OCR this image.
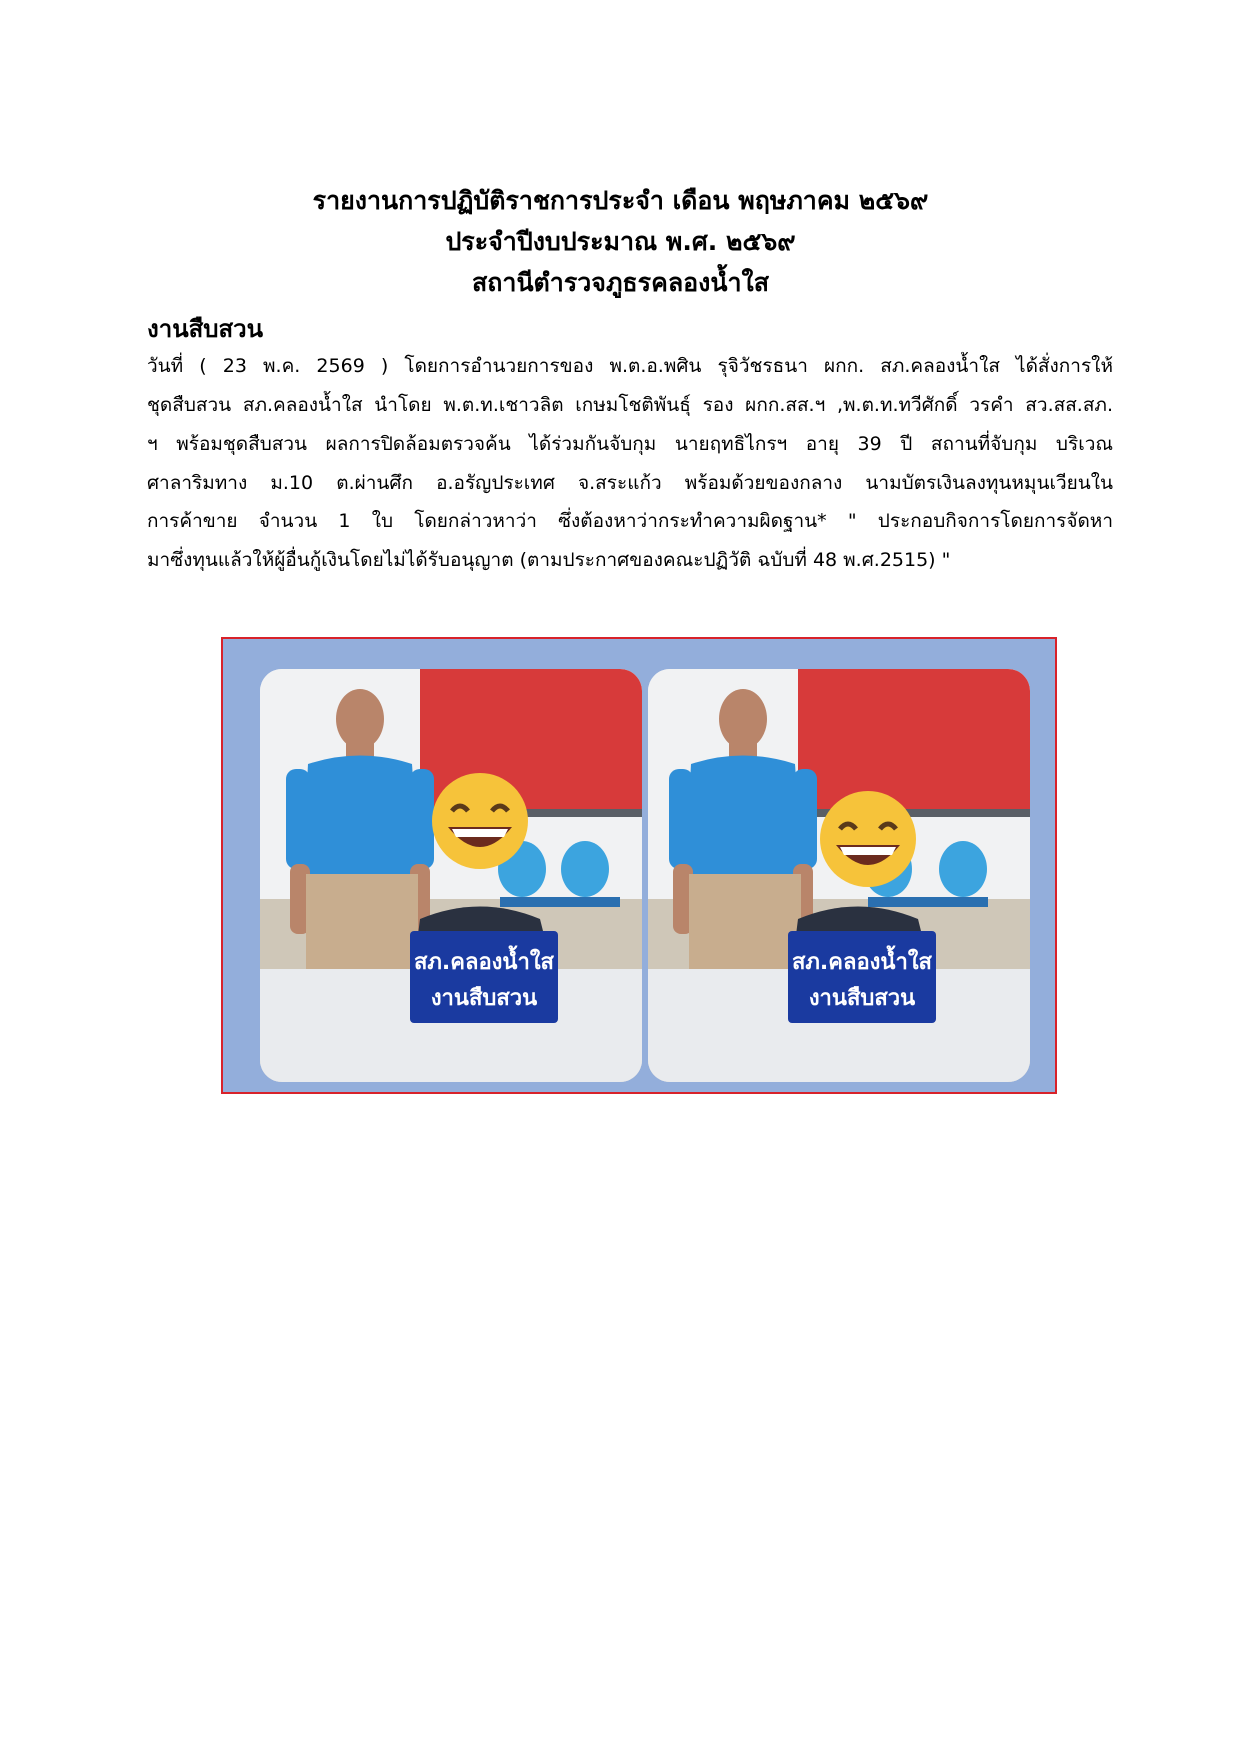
รายงานการปฏิบัติราชการประจำ เดือน พฤษภาคม ๒๕๖๙
ประจำปีงบประมาณ พ.ศ. ๒๕๖๙
สถานีตำรวจภูธรคลองน้ำใส
งานสืบสวน
วันที่ ( 23 พ.ค. 2569 ) โดยการอำนวยการของ พ.ต.อ.พศิน รุจิวัชรธนา ผกก. สภ.คลองน้ำใส ได้สั่งการให้
ชุดสืบสวน สภ.คลองน้ำใส นำโดย พ.ต.ท.เชาวลิต เกษมโชติพันธุ์ รอง ผกก.สส.ฯ ,พ.ต.ท.ทวีศักดิ์ วรคำ สว.สส.สภ.
ฯ พร้อมชุดสืบสวน ผลการปิดล้อมตรวจค้น ได้ร่วมกันจับกุม นายฤทธิไกรฯ อายุ 39 ปี สถานที่จับกุม บริเวณ
ศาลาริมทาง ม.10 ต.ผ่านศึก อ.อรัญประเทศ จ.สระแก้ว พร้อมด้วยของกลาง นามบัตรเงินลงทุนหมุนเวียนใน
การค้าขาย จำนวน 1 ใบ โดยกล่าวหาว่า ซึ่งต้องหาว่ากระทำความผิดฐาน* " ประกอบกิจการโดยการจัดหา
มาซึ่งทุนแล้วให้ผู้อื่นกู้เงินโดยไม่ได้รับอนุญาต (ตามประกาศของคณะปฏิวัติ ฉบับที่ 48 พ.ศ.2515) "
สภ.คลองน้ำใส
งานสืบสวน
สภ.คลองน้ำใส
งานสืบสวน
